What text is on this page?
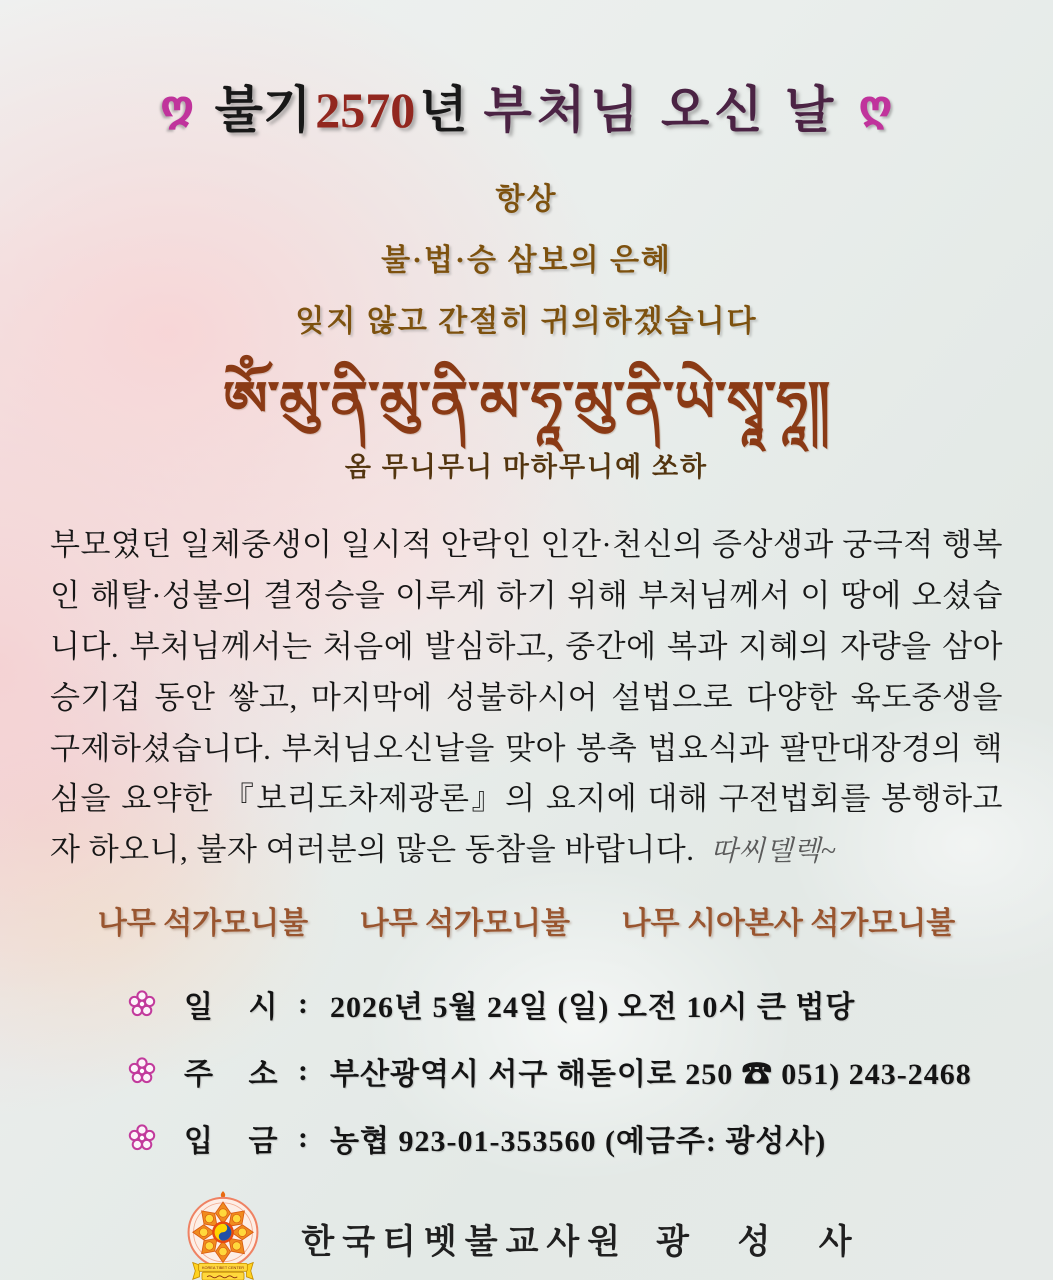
ღ 불기2570년 부처님 오신 날 ღ
항상
불·법·승 삼보의 은혜
잊지 않고 간절히 귀의하겠습니다
ཨོཾ་མུ་ནི་མུ་ནི་མ་ཧཱ་མུ་ནི་ཡེ་སྭཱ་ཧཱ༎
옴 무니무니 마하무니예 쏘하

부모였던 일체중생이 일시적 안락인 인간·천신의 증상생과 궁극적 행복인 해탈·성불의 결정승을 이루게 하기 위해 부처님께서 이 땅에 오셨습니다. 부처님께서는 처음에 발심하고, 중간에 복과 지혜의 자량을 삼아 승기겁 동안 쌓고, 마지막에 성불하시어 설법으로 다양한 육도중생을 구제하셨습니다. 부처님오신날을 맞아 봉축 법요식과 팔만대장경의 핵심을 요약한 『보리도차제광론』의 요지에 대해 구전법회를 봉행하고자 하오니, 불자 여러분의 많은 동참을 바랍니다. 따씨델렉~

나무 석가모니불 나무 석가모니불 나무 시아본사 석가모니불
일 시 : 2026년 5월 24일 (일) 오전 10시 큰 법당
주 소 : 부산광역시 서구 해돋이로 250 ☎ 051) 243-2468
입 금 : 농협 923-01-353560 (예금주: 광성사)
KOREA TIBET CENTER
한국티벳불교사원 광 성 사
